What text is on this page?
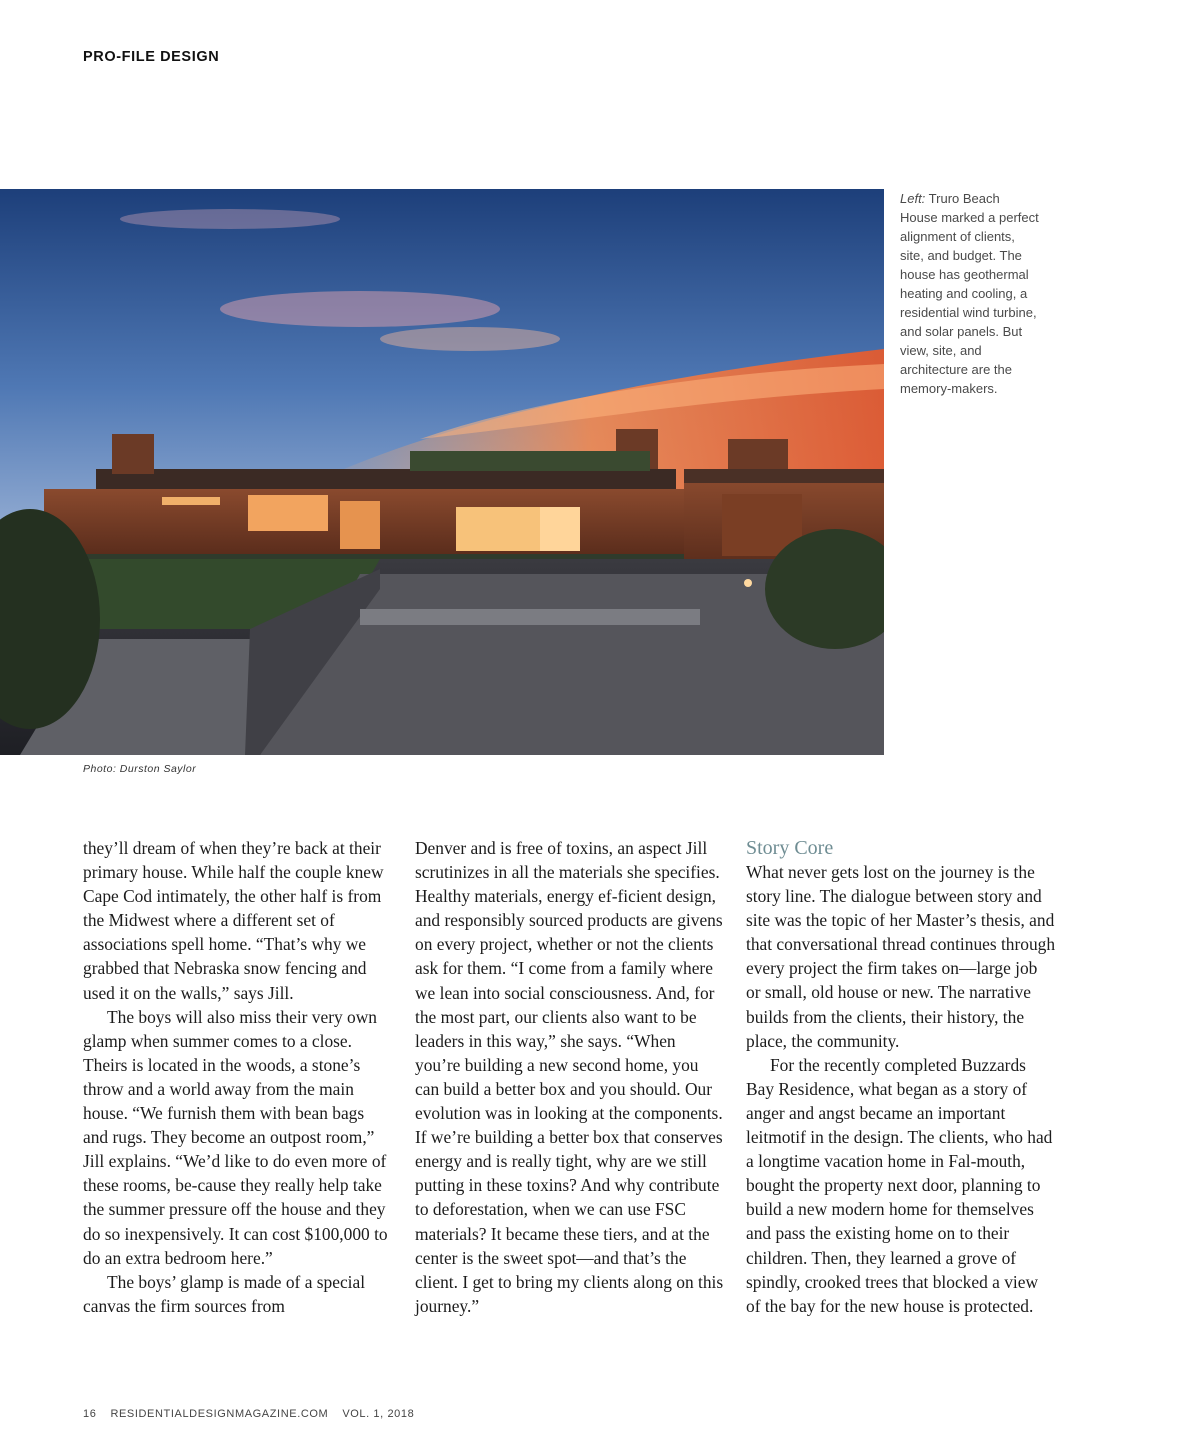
PRO-FILE DESIGN
Left: Truro Beach House marked a perfect alignment of clients, site, and budget. The house has geothermal heating and cooling, a residential wind turbine, and solar panels. But view, site, and architecture are the memory-makers.
Photo: Durston Saylor

they’ll dream of when they’re back at their primary house. While half the couple knew Cape Cod intimately, the other half is from the Midwest where a different set of associations spell home. “That’s why we grabbed that Nebraska snow fencing and used it on the walls,” says Jill.

The boys will also miss their very own glamp when summer comes to a close. Theirs is located in the woods, a stone’s throw and a world away from the main house. “We furnish them with bean bags and rugs. They become an outpost room,” Jill explains. “We’d like to do even more of these rooms, be-cause they really help take the summer pressure off the house and they do so inexpensively. It can cost $100,000 to do an extra bedroom here.”

The boys’ glamp is made of a special canvas the firm sources from

Denver and is free of toxins, an aspect Jill scrutinizes in all the materials she specifies. Healthy materials, energy ef-ficient design, and responsibly sourced products are givens on every project, whether or not the clients ask for them. “I come from a family where we lean into social consciousness. And, for the most part, our clients also want to be leaders in this way,” she says. “When you’re building a new second home, you can build a better box and you should. Our evolution was in looking at the components. If we’re building a better box that conserves energy and is really tight, why are we still putting in these toxins? And why contribute to deforestation, when we can use FSC materials? It became these tiers, and at the center is the sweet spot—and that’s the client. I get to bring my clients along on this journey.”

Story Core

What never gets lost on the journey is the story line. The dialogue between story and site was the topic of her Master’s thesis, and that conversational thread continues through every project the firm takes on—large job or small, old house or new. The narrative builds from the clients, their history, the place, the community.

For the recently completed Buzzards Bay Residence, what began as a story of anger and angst became an important leitmotif in the design. The clients, who had a longtime vacation home in Fal-mouth, bought the property next door, planning to build a new modern home for themselves and pass the existing home on to their children. Then, they learned a grove of spindly, crooked trees that blocked a view of the bay for the new house is protected.

16 RESIDENTIALDESIGNMAGAZINE.COM VOL. 1, 2018
